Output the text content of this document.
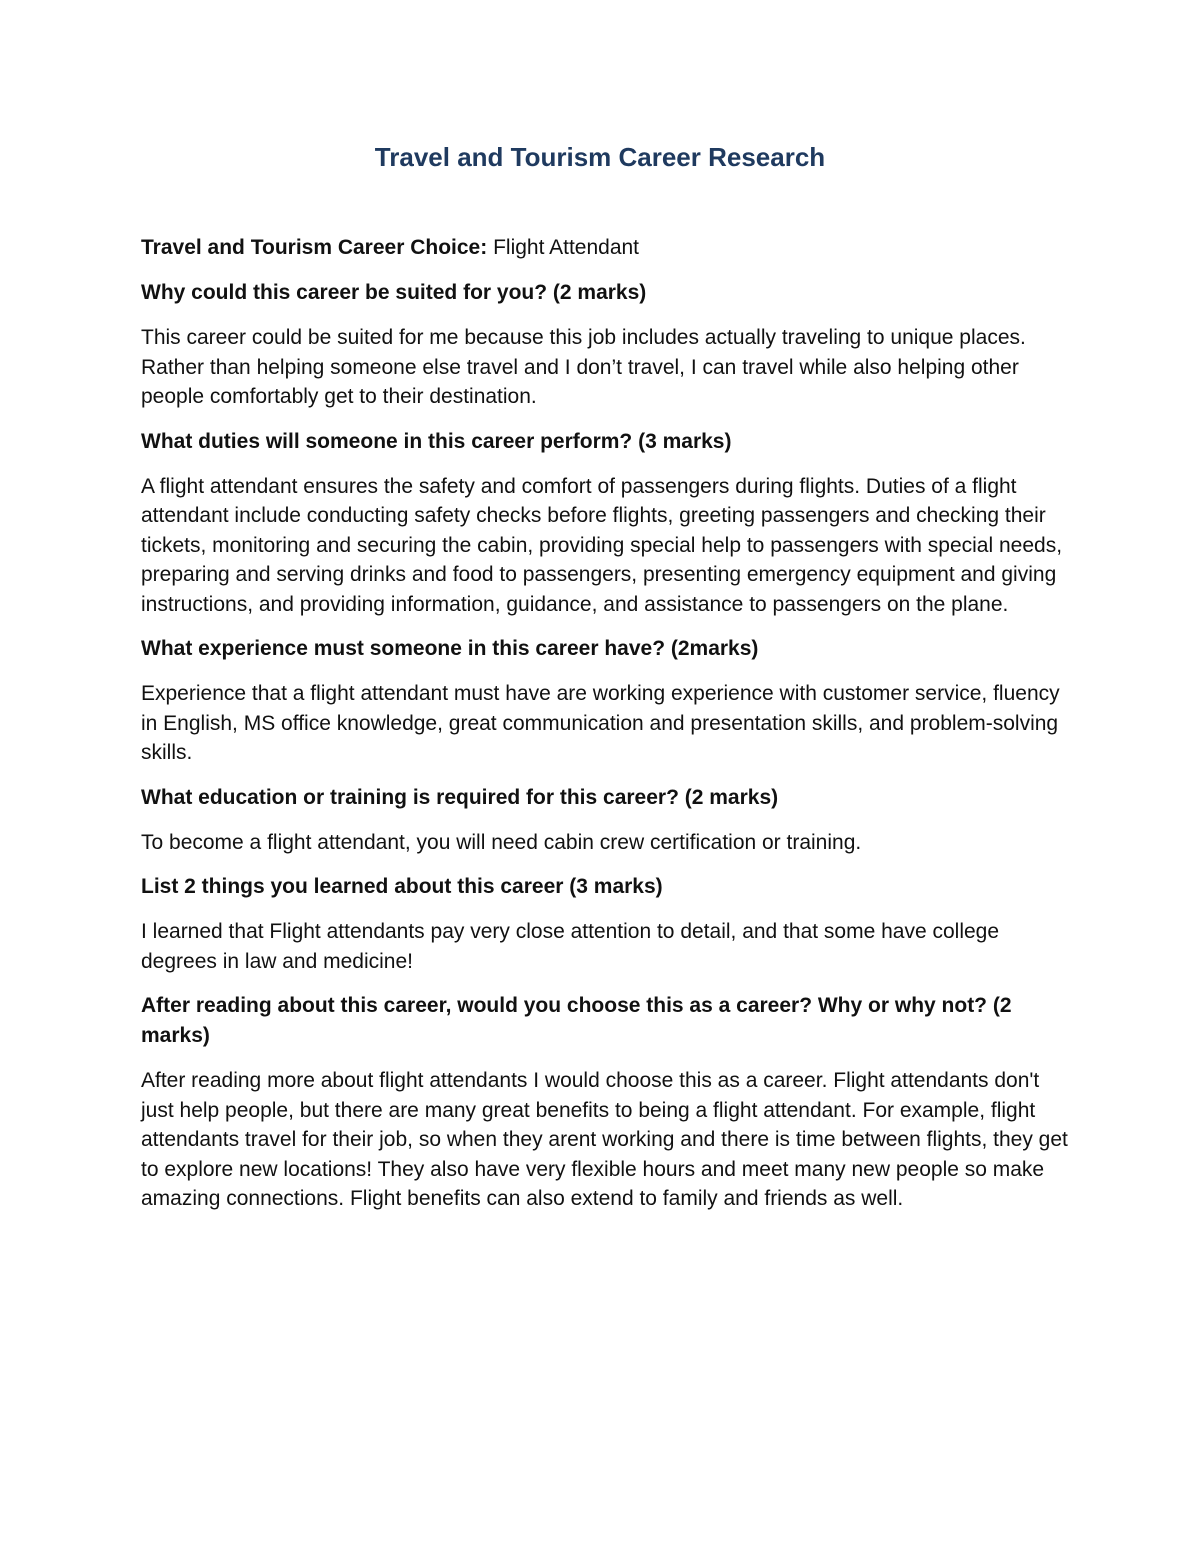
Travel and Tourism Career Research

Travel and Tourism Career Choice: Flight Attendant

Why could this career be suited for you? (2 marks)

This career could be suited for me because this job includes actually traveling to unique places. Rather than helping someone else travel and I don’t travel, I can travel while also helping other people comfortably get to their destination.

What duties will someone in this career perform? (3 marks)

A flight attendant ensures the safety and comfort of passengers during flights. Duties of a flight attendant include conducting safety checks before flights, greeting passengers and checking their tickets, monitoring and securing the cabin, providing special help to passengers with special needs, preparing and serving drinks and food to passengers, presenting emergency equipment and giving instructions, and providing information, guidance, and assistance to passengers on the plane.

What experience must someone in this career have? (2marks)

Experience that a flight attendant must have are working experience with customer service, fluency in English, MS office knowledge, great communication and presentation skills, and problem-solving skills.

What education or training is required for this career? (2 marks)

To become a flight attendant, you will need cabin crew certification or training.

List 2 things you learned about this career (3 marks)

I learned that Flight attendants pay very close attention to detail, and that some have college degrees in law and medicine!

After reading about this career, would you choose this as a career? Why or why not? (2 marks)

After reading more about flight attendants I would choose this as a career. Flight attendants don't just help people, but there are many great benefits to being a flight attendant. For example, flight attendants travel for their job, so when they arent working and there is time between flights, they get to explore new locations! They also have very flexible hours and meet many new people so make amazing connections. Flight benefits can also extend to family and friends as well.
